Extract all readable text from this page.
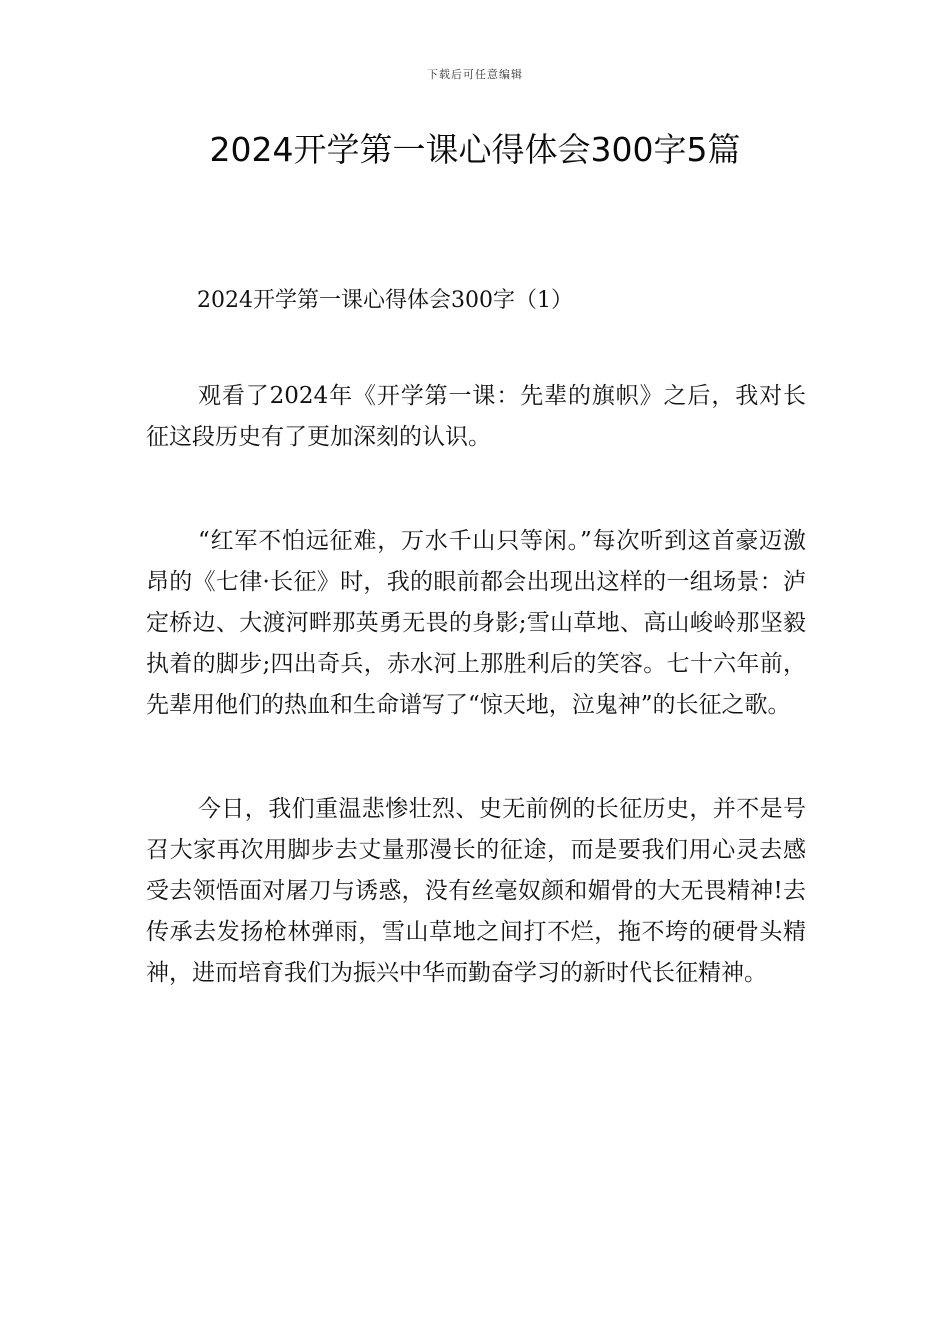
下载后可任意编辑
2024开学第一课心得体会300字5篇

2024开学第一课心得体会300字（1）

观看了2024年《开学第一课：先辈的旗帜》之后，我对长征这段历史有了更加深刻的认识。

“红军不怕远征难，万水千山只等闲。”每次听到这首豪迈激昂的《七律·长征》时，我的眼前都会出现出这样的一组场景：泸定桥边、大渡河畔那英勇无畏的身影;雪山草地、高山峻岭那坚毅执着的脚步;四出奇兵，赤水河上那胜利后的笑容。七十六年前，先辈用他们的热血和生命谱写了“惊天地，泣鬼神”的长征之歌。

今日，我们重温悲惨壮烈、史无前例的长征历史，并不是号召大家再次用脚步去丈量那漫长的征途，而是要我们用心灵去感受去领悟面对屠刀与诱惑，没有丝毫奴颜和媚骨的大无畏精神!去传承去发扬枪林弹雨，雪山草地之间打不烂，拖不垮的硬骨头精神，进而培育我们为振兴中华而勤奋学习的新时代长征精神。
